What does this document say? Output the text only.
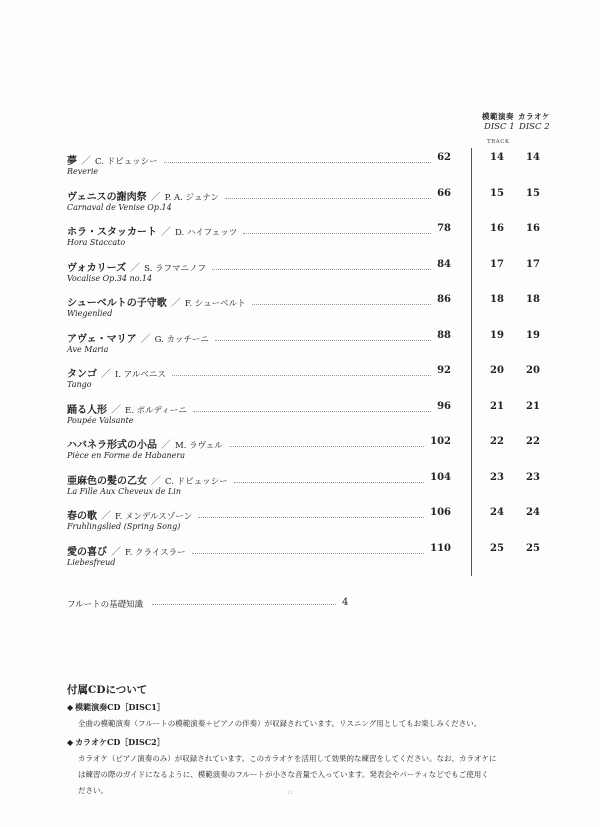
模範演奏 カラオケ
DISC 1 DISC 2
TRACK
夢 ／ C. ドビュッシー
Reverie
62	14	14
ヴェニスの謝肉祭 ／ P. A. ジュナン
Carnaval de Venise Op.14
66	15	15
ホラ・スタッカート ／ D. ハイフェッツ
Hora Staccato
78	16	16
ヴォカリーズ ／ S. ラフマニノフ
Vocalise Op.34 no.14
84	17	17
シューベルトの子守歌 ／ F. シューベルト
Wiegenlied
86	18	18
アヴェ・マリア ／ G. カッチーニ
Ave Maria
88	19	19
タンゴ ／ I. アルベニス
Tango
92	20	20
踊る人形 ／ E. ポルディーニ
Poupée Valsante
96	21	21
ハバネラ形式の小品 ／ M. ラヴェル
Pièce en Forme de Habanera
102	22	22
亜麻色の髪の乙女 ／ C. ドビュッシー
La Fille Aux Cheveux de Lin
104	23	23
春の歌 ／ F. メンデルスゾーン
Fruhlingslied (Spring Song)
106	24	24
愛の喜び ／ F. クライスラー
Liebesfreud
110	25	25
フルートの基礎知識	4
付属CDについて
◆ 模範演奏CD［DISC1］
全曲の模範演奏（フルートの模範演奏＋ピアノの伴奏）が収録されています。リスニング用としてもお楽しみください。
◆ カラオケCD［DISC2］
カラオケ（ピアノ演奏のみ）が収録されています。このカラオケを活用して効果的な練習をしてください。なお、カラオケに
は練習の際のガイドになるように、模範演奏のフルートが小さな音量で入っています。発表会やパーティなどでもご使用く
ださい。	21
